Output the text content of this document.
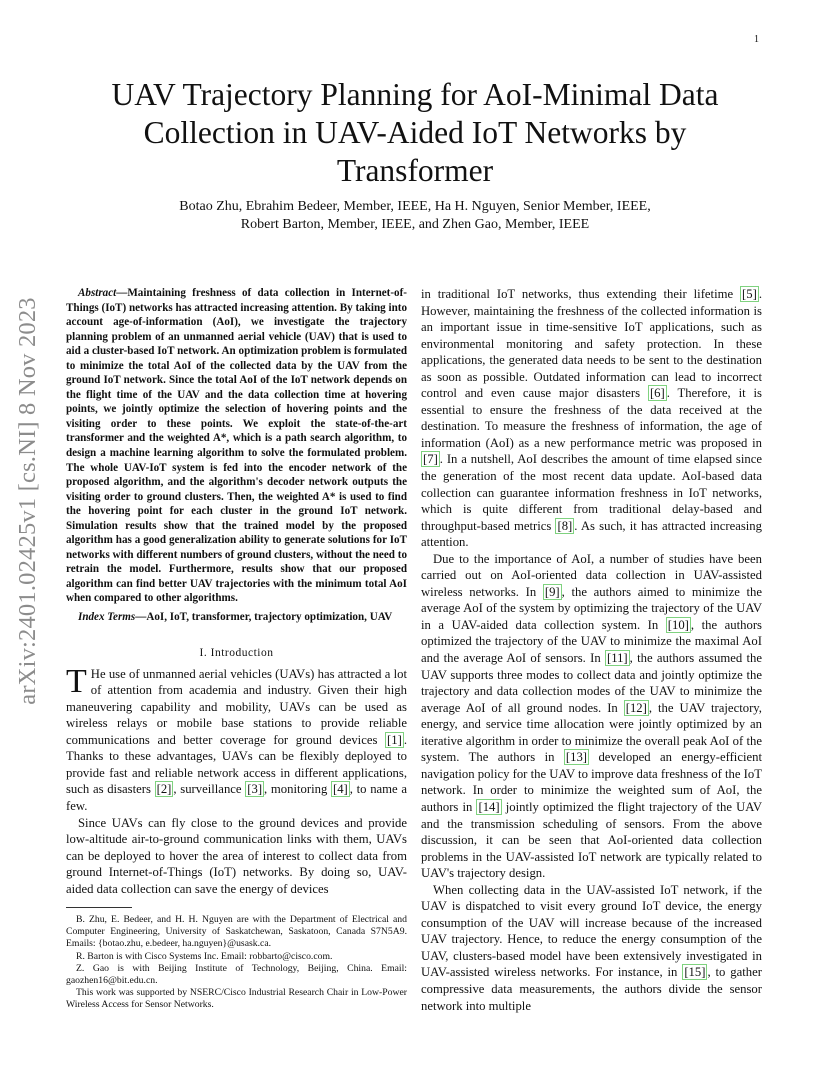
1
arXiv:2401.02425v1 [cs.NI] 8 Nov 2023
UAV Trajectory Planning for AoI-Minimal Data Collection in UAV-Aided IoT Networks by Transformer
Botao Zhu, Ebrahim Bedeer, Member, IEEE, Ha H. Nguyen, Senior Member, IEEE,
Robert Barton, Member, IEEE, and Zhen Gao, Member, IEEE

Abstract—Maintaining freshness of data collection in Internet-of-Things (IoT) networks has attracted increasing attention. By taking into account age-of-information (AoI), we investigate the trajectory planning problem of an unmanned aerial vehicle (UAV) that is used to aid a cluster-based IoT network. An optimization problem is formulated to minimize the total AoI of the collected data by the UAV from the ground IoT network. Since the total AoI of the IoT network depends on the flight time of the UAV and the data collection time at hovering points, we jointly optimize the selection of hovering points and the visiting order to these points. We exploit the state-of-the-art transformer and the weighted A*, which is a path search algorithm, to design a machine learning algorithm to solve the formulated problem. The whole UAV-IoT system is fed into the encoder network of the proposed algorithm, and the algorithm's decoder network outputs the visiting order to ground clusters. Then, the weighted A* is used to find the hovering point for each cluster in the ground IoT network. Simulation results show that the trained model by the proposed algorithm has a good generalization ability to generate solutions for IoT networks with different numbers of ground clusters, without the need to retrain the model. Furthermore, results show that our proposed algorithm can find better UAV trajectories with the minimum total AoI when compared to other algorithms.

Index Terms—AoI, IoT, transformer, trajectory optimization, UAV

I. Introduction

T He use of unmanned aerial vehicles (UAVs) has attracted a lot of attention from academia and industry. Given their high maneuvering capability and mobility, UAVs can be used as wireless relays or mobile base stations to provide reliable communications and better coverage for ground devices [1] . Thanks to these advantages, UAVs can be flexibly deployed to provide fast and reliable network access in different applications, such as disasters [2] , surveillance [3] , monitoring [4] , to name a few.

Since UAVs can fly close to the ground devices and provide low-altitude air-to-ground communication links with them, UAVs can be deployed to hover the area of interest to collect data from ground Internet-of-Things (IoT) networks. By doing so, UAV-aided data collection can save the energy of devices

B. Zhu, E. Bedeer, and H. H. Nguyen are with the Department of Electrical and Computer Engineering, University of Saskatchewan, Saskatoon, Canada S7N5A9. Emails: {botao.zhu, e.bedeer, ha.nguyen}@usask.ca.

R. Barton is with Cisco Systems Inc. Email: robbarto@cisco.com.

Z. Gao is with Beijing Institute of Technology, Beijing, China. Email: gaozhen16@bit.edu.cn.

This work was supported by NSERC/Cisco Industrial Research Chair in Low-Power Wireless Access for Sensor Networks.

in traditional IoT networks, thus extending their lifetime [5] . However, maintaining the freshness of the collected information is an important issue in time-sensitive IoT applications, such as environmental monitoring and safety protection. In these applications, the generated data needs to be sent to the destination as soon as possible. Outdated information can lead to incorrect control and even cause major disasters [6] . Therefore, it is essential to ensure the freshness of the data received at the destination. To measure the freshness of information, the age of information (AoI) as a new performance metric was proposed in [7] . In a nutshell, AoI describes the amount of time elapsed since the generation of the most recent data update. AoI-based data collection can guarantee information freshness in IoT networks, which is quite different from traditional delay-based and throughput-based metrics [8] . As such, it has attracted increasing attention.

Due to the importance of AoI, a number of studies have been carried out on AoI-oriented data collection in UAV-assisted wireless networks. In [9] , the authors aimed to minimize the average AoI of the system by optimizing the trajectory of the UAV in a UAV-aided data collection system. In [10] , the authors optimized the trajectory of the UAV to minimize the maximal AoI and the average AoI of sensors. In [11] , the authors assumed the UAV supports three modes to collect data and jointly optimize the trajectory and data collection modes of the UAV to minimize the average AoI of all ground nodes. In [12] , the UAV trajectory, energy, and service time allocation were jointly optimized by an iterative algorithm in order to minimize the overall peak AoI of the system. The authors in [13] developed an energy-efficient navigation policy for the UAV to improve data freshness of the IoT network. In order to minimize the weighted sum of AoI, the authors in [14] jointly optimized the flight trajectory of the UAV and the transmission scheduling of sensors. From the above discussion, it can be seen that AoI-oriented data collection problems in the UAV-assisted IoT network are typically related to UAV's trajectory design.

When collecting data in the UAV-assisted IoT network, if the UAV is dispatched to visit every ground IoT device, the energy consumption of the UAV will increase because of the increased UAV trajectory. Hence, to reduce the energy consumption of the UAV, clusters-based model have been extensively investigated in UAV-assisted wireless networks. For instance, in [15] , to gather compressive data measurements, the authors divide the sensor network into multiple
